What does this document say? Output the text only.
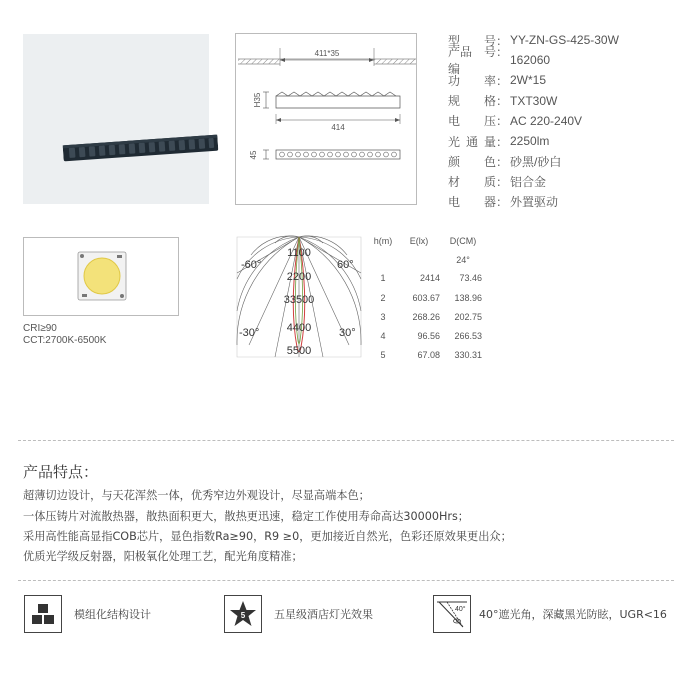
411*35
H35
414
45
型 号： YY-ZN-GS-425-30W
产品编
号：
162060
功 率： 2W*15
规 格： TXT30W
电 压： AC 220-240V
光 通 量： 2250lm
颜 色： 砂黑/砂白
材 质： 铝合金
电 器： 外置驱动
CRI≥90
CCT:2700K-6500K
-60°	60°
-30°	30°
1100
2200
33500
4400
5500
h(m)	E(lx)	D(CM)
24°
1	2414	73.46
2	603.67	138.96
3	268.26	202.75
4	96.56	266.53
5	67.08	330.31
产品特点：
超薄切边设计，与天花浑然一体，优秀窄边外观设计，尽显高端本色；
一体压铸片对流散热器，散热面积更大，散热更迅速，稳定工作使用寿命高达30000Hrs；
采用高性能高显指COB芯片，显色指数Ra≥90，R9 ≥0，更加接近自然光，色彩还原效果更出众；
优质光学级反射器，阳极氧化处理工艺，配光角度精准；
模组化结构设计	5	五星级酒店灯光效果	40° 40°遮光角，深藏黑光防眩，UGR<16
